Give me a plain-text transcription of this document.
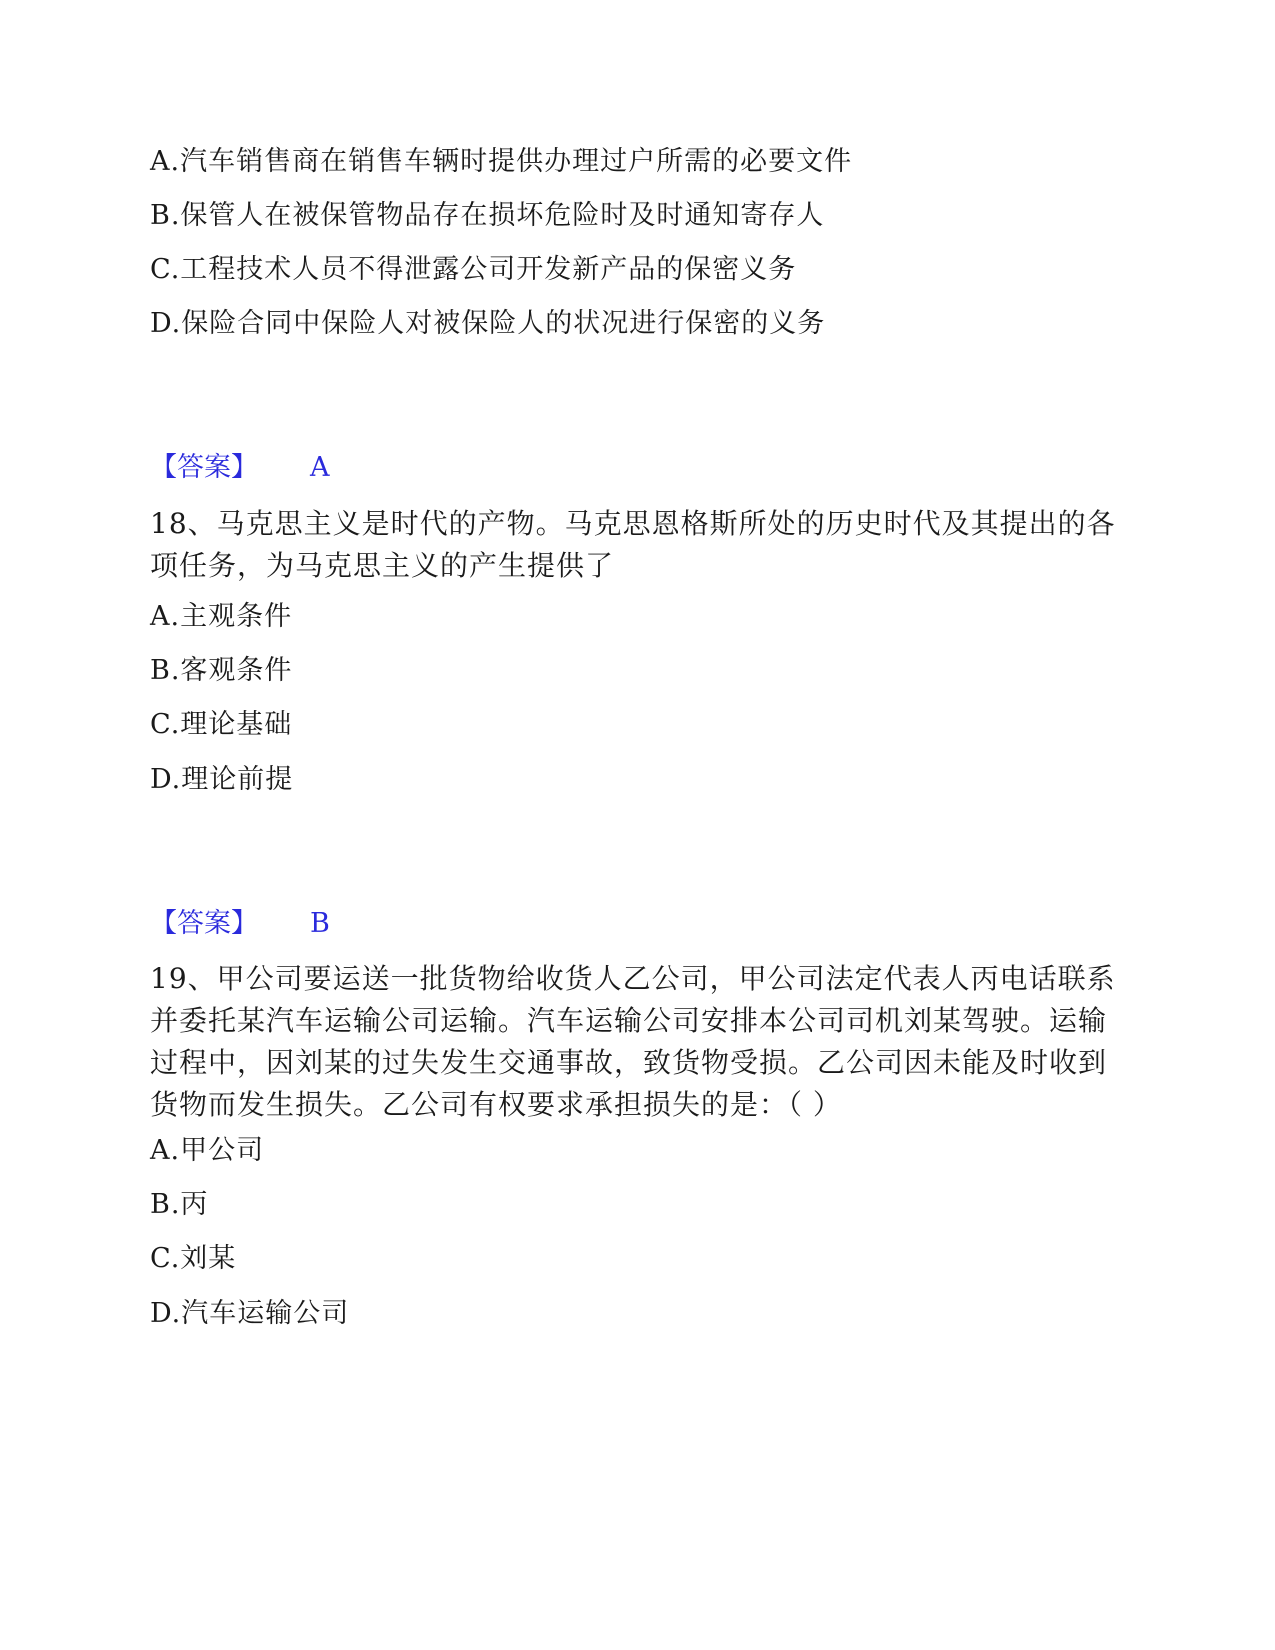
A.汽车销售商在销售车辆时提供办理过户所需的必要文件
B.保管人在被保管物品存在损坏危险时及时通知寄存人
C.工程技术人员不得泄露公司开发新产品的保密义务
D.保险合同中保险人对被保险人的状况进行保密的义务
【答案】 A
18、马克思主义是时代的产物。马克思恩格斯所处的历史时代及其提出的各
项任务，为马克思主义的产生提供了
A.主观条件
B.客观条件
C.理论基础
D.理论前提
【答案】 B
19、甲公司要运送一批货物给收货人乙公司，甲公司法定代表人丙电话联系
并委托某汽车运输公司运输。汽车运输公司安排本公司司机刘某驾驶。运输
过程中，因刘某的过失发生交通事故，致货物受损。乙公司因未能及时收到
货物而发生损失。乙公司有权要求承担损失的是：（ ）
A.甲公司
B.丙
C.刘某
D.汽车运输公司
